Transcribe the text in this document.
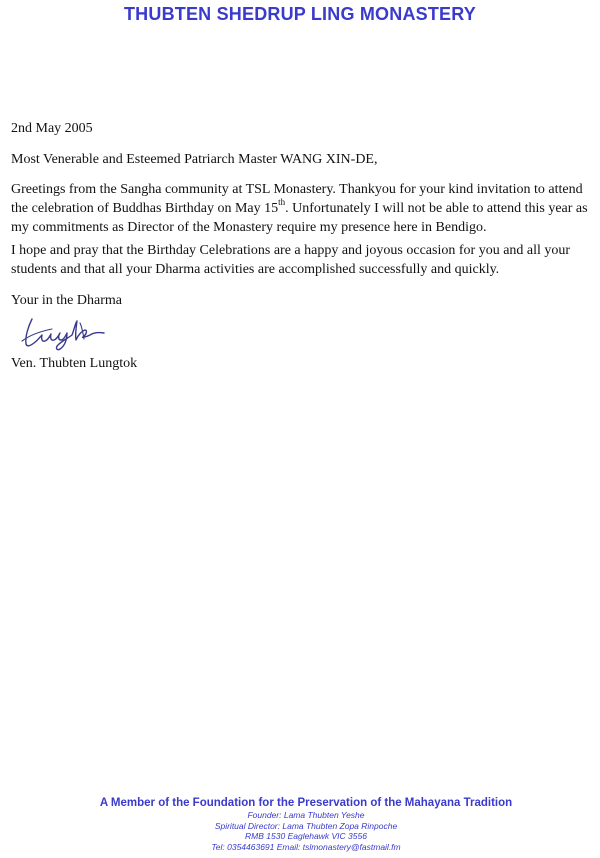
THUBTEN SHEDRUP LING MONASTERY
2nd May 2005
Most Venerable and Esteemed Patriarch Master WANG XIN-DE,

Greetings from the Sangha community at TSL Monastery. Thankyou for your kind invitation to attend the celebration of Buddhas Birthday on May 15th. Unfortunately I will not be able to attend this year as my commitments as Director of the Monastery require my presence here in Bendigo.

I hope and pray that the Birthday Celebrations are a happy and joyous occasion for you and all your students and that all your Dharma activities are accomplished successfully and quickly.

Your in the Dharma
Ven. Thubten Lungtok
A Member of the Foundation for the Preservation of the Mahayana Tradition
Founder: Lama Thubten Yeshe
Spiritual Director: Lama Thubten Zopa Rinpoche
RMB 1530 Eaglehawk VIC 3556
Tel: 0354463691 Email: tslmonastery@fastmail.fm
